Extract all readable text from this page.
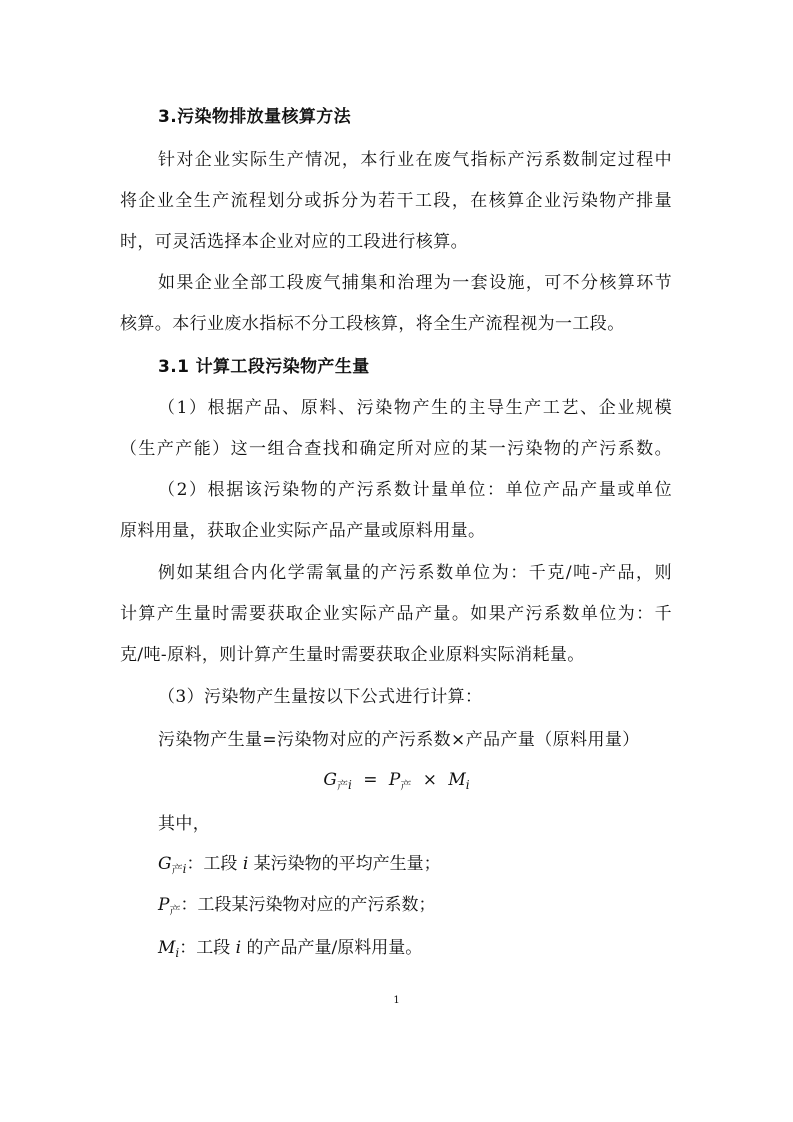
3.污染物排放量核算方法
针对企业实际生产情况，本行业在废气指标产污系数制定过程中
将企业全生产流程划分或拆分为若干工段，在核算企业污染物产排量
时，可灵活选择本企业对应的工段进行核算。
如果企业全部工段废气捕集和治理为一套设施，可不分核算环节
核算。本行业废水指标不分工段核算，将全生产流程视为一工段。
3.1 计算工段污染物产生量
（1）根据产品、原料、污染物产生的主导生产工艺、企业规模
（生产产能）这一组合查找和确定所对应的某一污染物的产污系数。
（2）根据该污染物的产污系数计量单位：单位产品产量或单位
原料用量，获取企业实际产品产量或原料用量。
例如某组合内化学需氧量的产污系数单位为：千克/吨-产品，则
计算产生量时需要获取企业实际产品产量。如果产污系数单位为：千
克/吨-原料，则计算产生量时需要获取企业原料实际消耗量。
（3）污染物产生量按以下公式进行计算：
污染物产生量=污染物对应的产污系数×产品产量（原料用量）
$G_{产i} = P_产 \times M_i$
其中，
$G_{产i}$：工段 i 某污染物的平均产生量；
$P_产$：工段某污染物对应的产污系数；
$M_i$：工段 i 的产品产量/原料用量。
1
